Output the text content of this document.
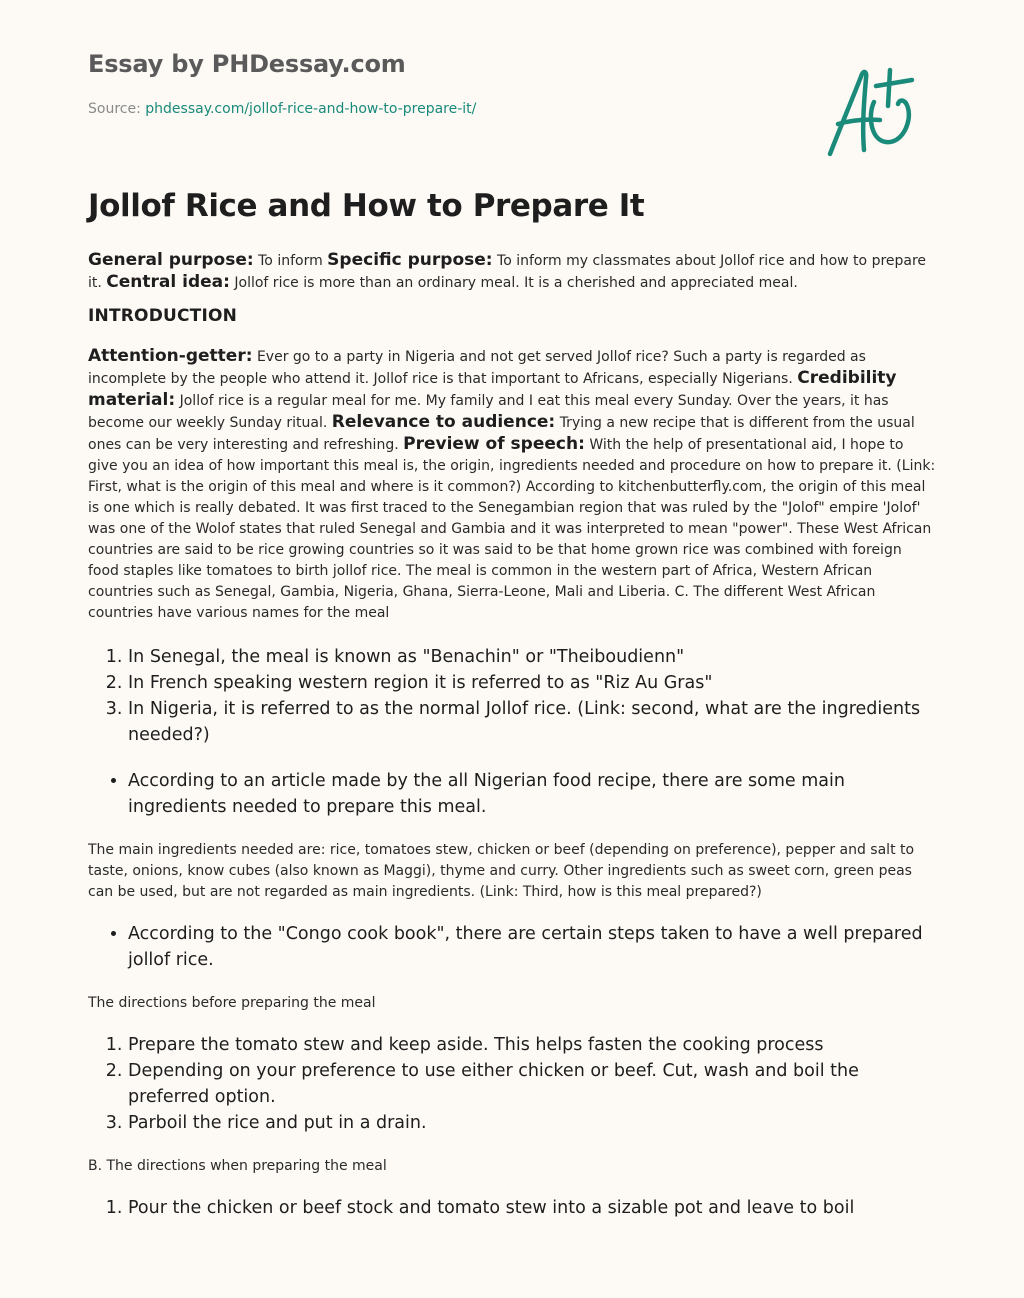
Essay by PHDessay.com

Source: phdessay.com/jollof-rice-and-how-to-prepare-it/

Jollof Rice and How to Prepare It

General purpose: To inform Specific purpose: To inform my classmates about Jollof rice and how to prepare it. Central idea: Jollof rice is more than an ordinary meal. It is a cherished and appreciated meal.

INTRODUCTION

Attention-getter: Ever go to a party in Nigeria and not get served Jollof rice? Such a party is regarded as incomplete by the people who attend it. Jollof rice is that important to Africans, especially Nigerians. Credibility material: Jollof rice is a regular meal for me. My family and I eat this meal every Sunday. Over the years, it has become our weekly Sunday ritual. Relevance to audience: Trying a new recipe that is different from the usual ones can be very interesting and refreshing. Preview of speech: With the help of presentational aid, I hope to give you an idea of how important this meal is, the origin, ingredients needed and procedure on how to prepare it. (Link: First, what is the origin of this meal and where is it common?) According to kitchenbutterfly.com, the origin of this meal is one which is really debated. It was first traced to the Senegambian region that was ruled by the "Jolof" empire 'Jolof' was one of the Wolof states that ruled Senegal and Gambia and it was interpreted to mean "power". These West African countries are said to be rice growing countries so it was said to be that home grown rice was combined with foreign food staples like tomatoes to birth jollof rice. The meal is common in the western part of Africa, Western African countries such as Senegal, Gambia, Nigeria, Ghana, Sierra-Leone, Mali and Liberia. C. The different West African countries have various names for the meal

1. In Senegal, the meal is known as "Benachin" or "Theiboudienn"
2. In French speaking western region it is referred to as "Riz Au Gras"
3. In Nigeria, it is referred to as the normal Jollof rice. (Link: second, what are the ingredients needed?)
• According to an article made by the all Nigerian food recipe, there are some main ingredients needed to prepare this meal.

The main ingredients needed are: rice, tomatoes stew, chicken or beef (depending on preference), pepper and salt to taste, onions, know cubes (also known as Maggi), thyme and curry. Other ingredients such as sweet corn, green peas can be used, but are not regarded as main ingredients. (Link: Third, how is this meal prepared?)

• According to the "Congo cook book", there are certain steps taken to have a well prepared jollof rice.

The directions before preparing the meal

1. Prepare the tomato stew and keep aside. This helps fasten the cooking process
2. Depending on your preference to use either chicken or beef. Cut, wash and boil the preferred option.
3. Parboil the rice and put in a drain.

B. The directions when preparing the meal

1. Pour the chicken or beef stock and tomato stew into a sizable pot and leave to boil
